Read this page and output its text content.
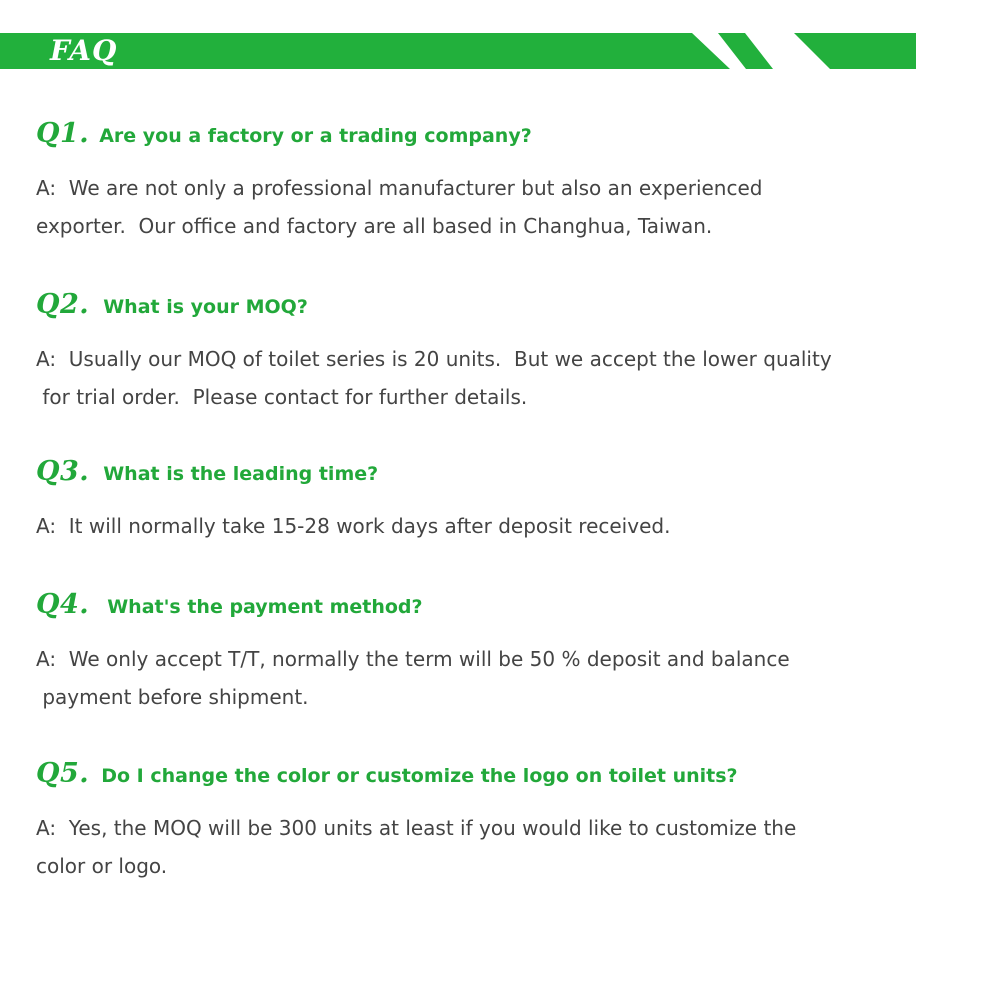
FAQ
Q1. Are you a factory or a trading company?
A:  We are not only a professional manufacturer but also an experienced
exporter.  Our office and factory are all based in Changhua, Taiwan.
Q2. What is your MOQ?
A:  Usually our MOQ of toilet series is 20 units.  But we accept the lower quality
for trial order.  Please contact for further details.
Q3. What is the leading time?
A:  It will normally take 15-28 work days after deposit received.
Q4. What's the payment method?
A:  We only accept T/T, normally the term will be 50 % deposit and balance
payment before shipment.
Q5. Do I change the color or customize the logo on toilet units?
A:  Yes, the MOQ will be 300 units at least if you would like to customize the
color or logo.
